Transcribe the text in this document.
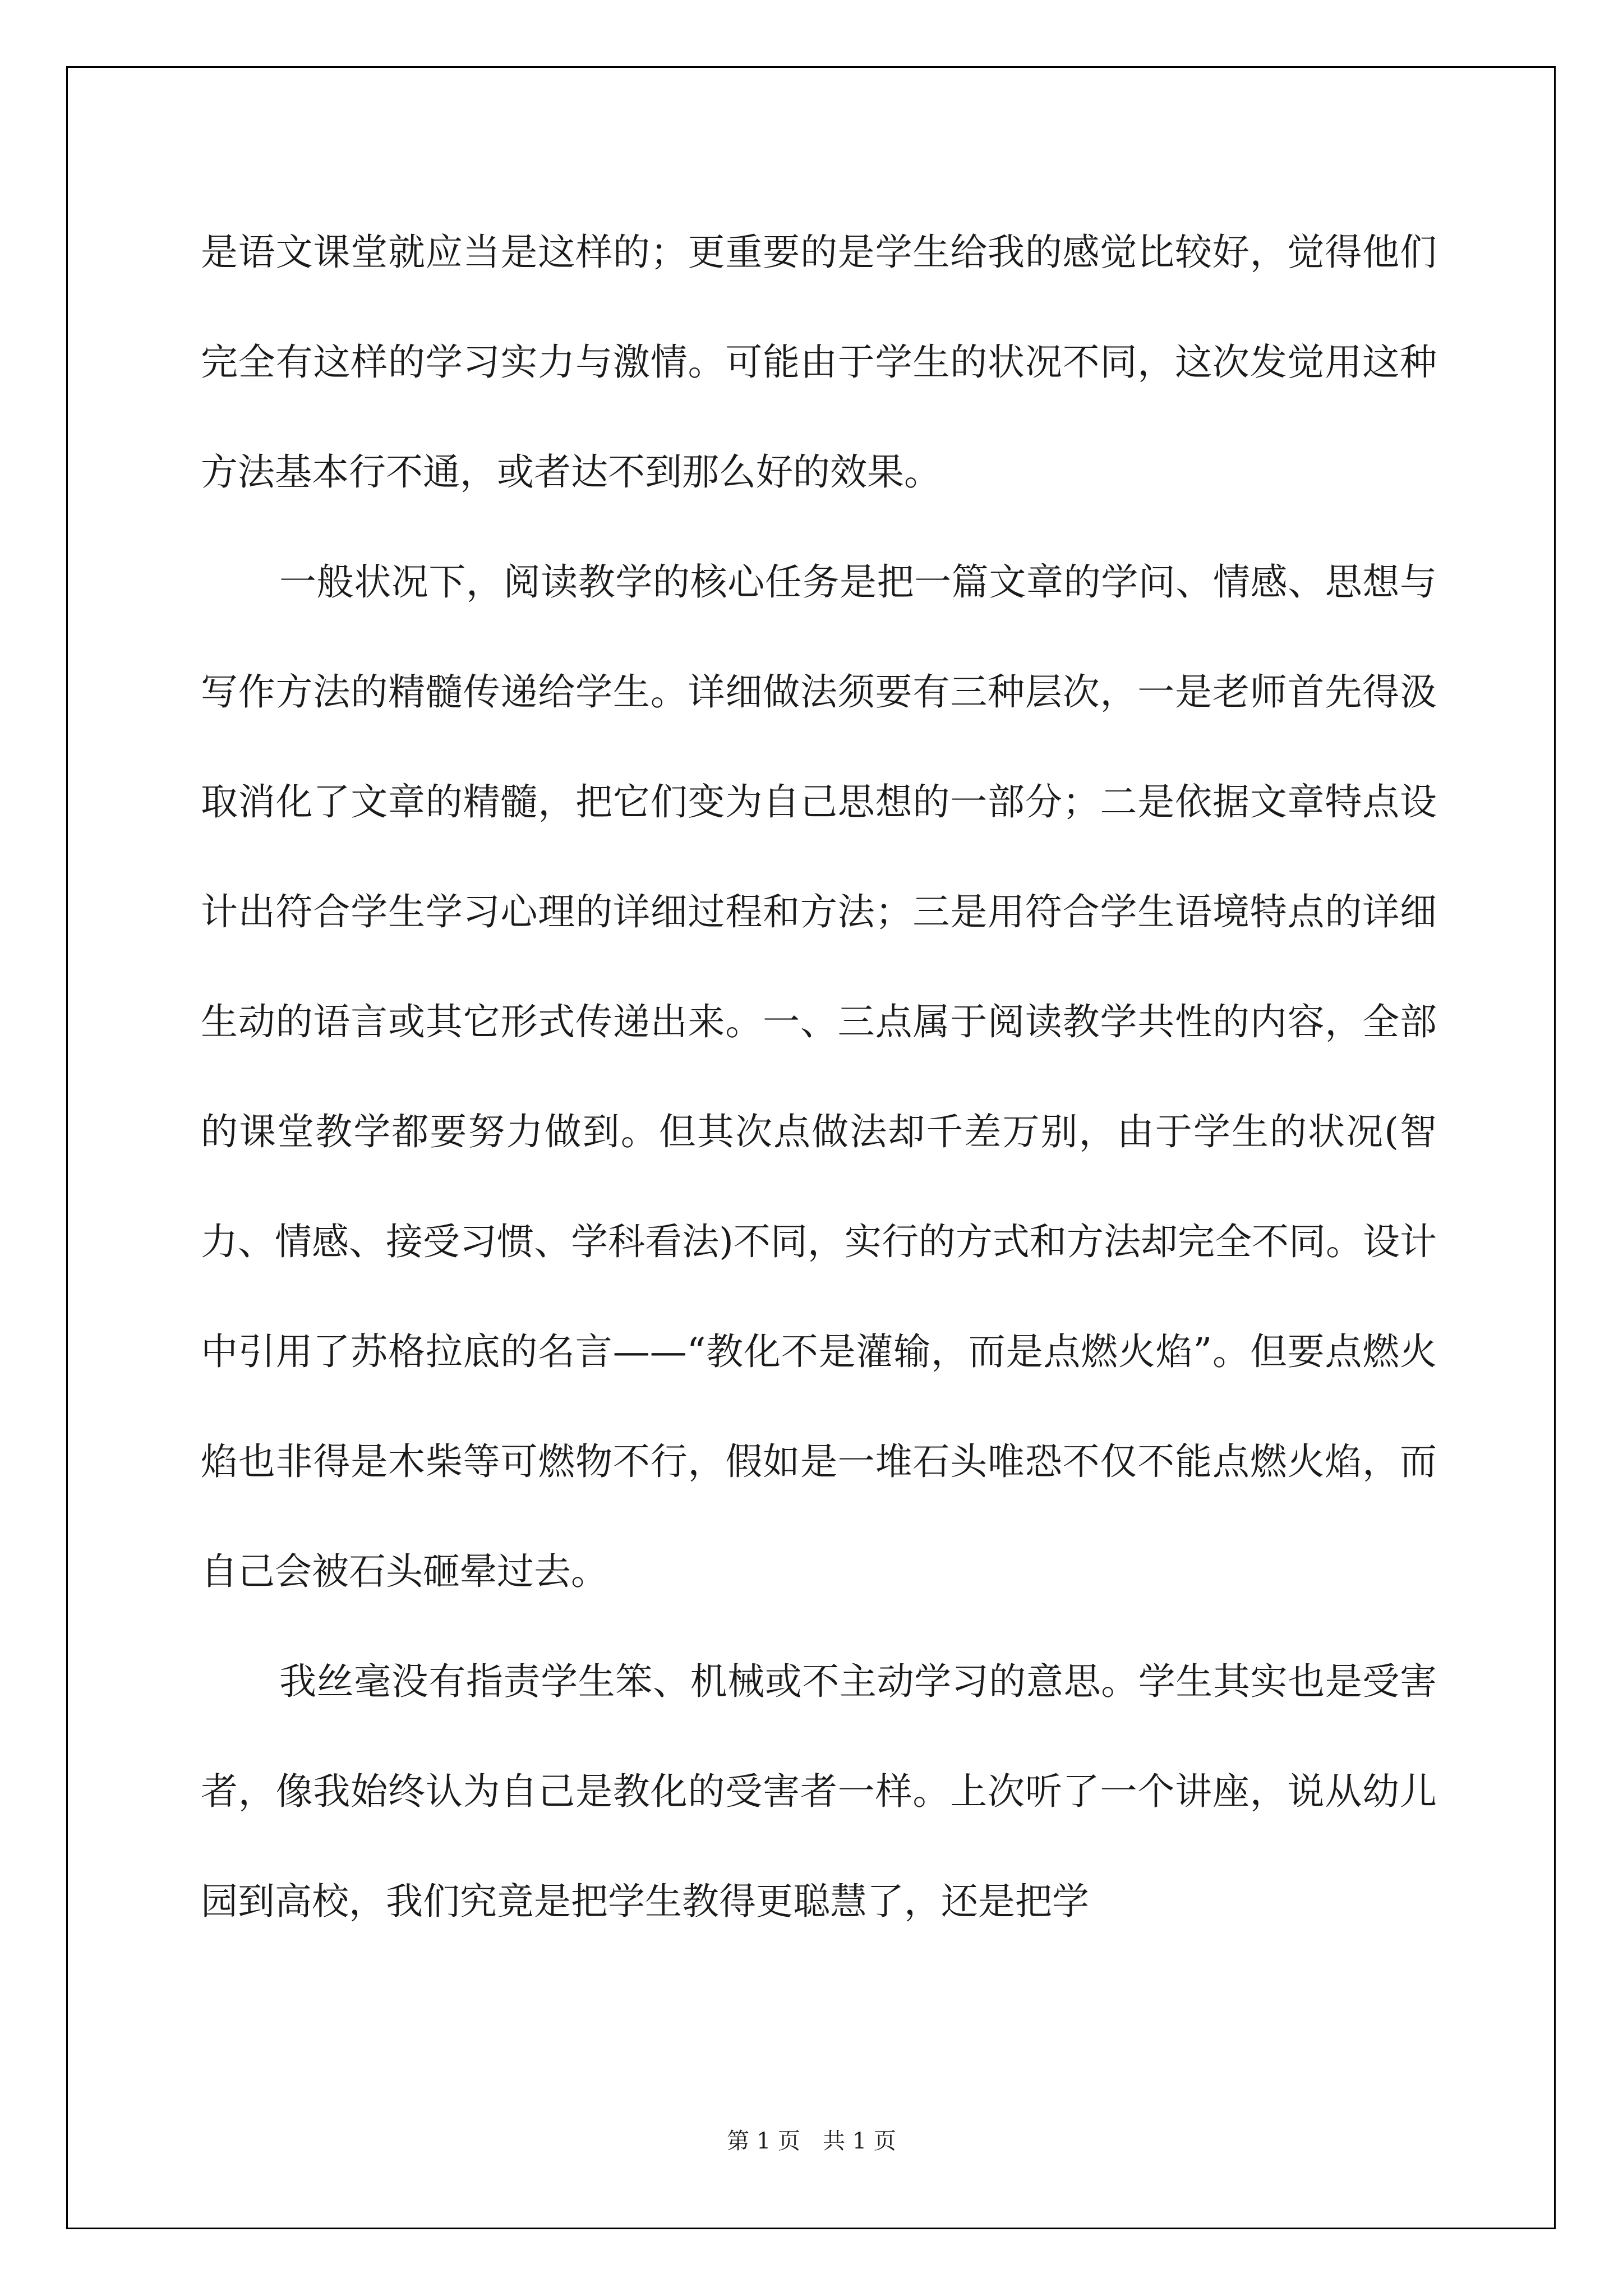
是语文课堂就应当是这样的；更重要的是学生给我的感觉比较好，觉得他们完全有这样的学习实力与激情。可能由于学生的状况不同，这次发觉用这种方法基本行不通，或者达不到那么好的效果。

一般状况下，阅读教学的核心任务是把一篇文章的学问、情感、思想与写作方法的精髓传递给学生。详细做法须要有三种层次，一是老师首先得汲取消化了文章的精髓，把它们变为自己思想的一部分；二是依据文章特点设计出符合学生学习心理的详细过程和方法；三是用符合学生语境特点的详细生动的语言或其它形式传递出来。一、三点属于阅读教学共性的内容，全部的课堂教学都要努力做到。但其次点做法却千差万别，由于学生的状况(智力、情感、接受习惯、学科看法)不同，实行的方式和方法却完全不同。设计中引用了苏格拉底的名言——“教化不是灌输，而是点燃火焰”。但要点燃火焰也非得是木柴等可燃物不行，假如是一堆石头唯恐不仅不能点燃火焰，而自己会被石头砸晕过去。

我丝毫没有指责学生笨、机械或不主动学习的意思。学生其实也是受害者，像我始终认为自己是教化的受害者一样。上次听了一个讲座，说从幼儿园到高校，我们究竟是把学生教得更聪慧了，还是把学

第 1 页　共 1 页
